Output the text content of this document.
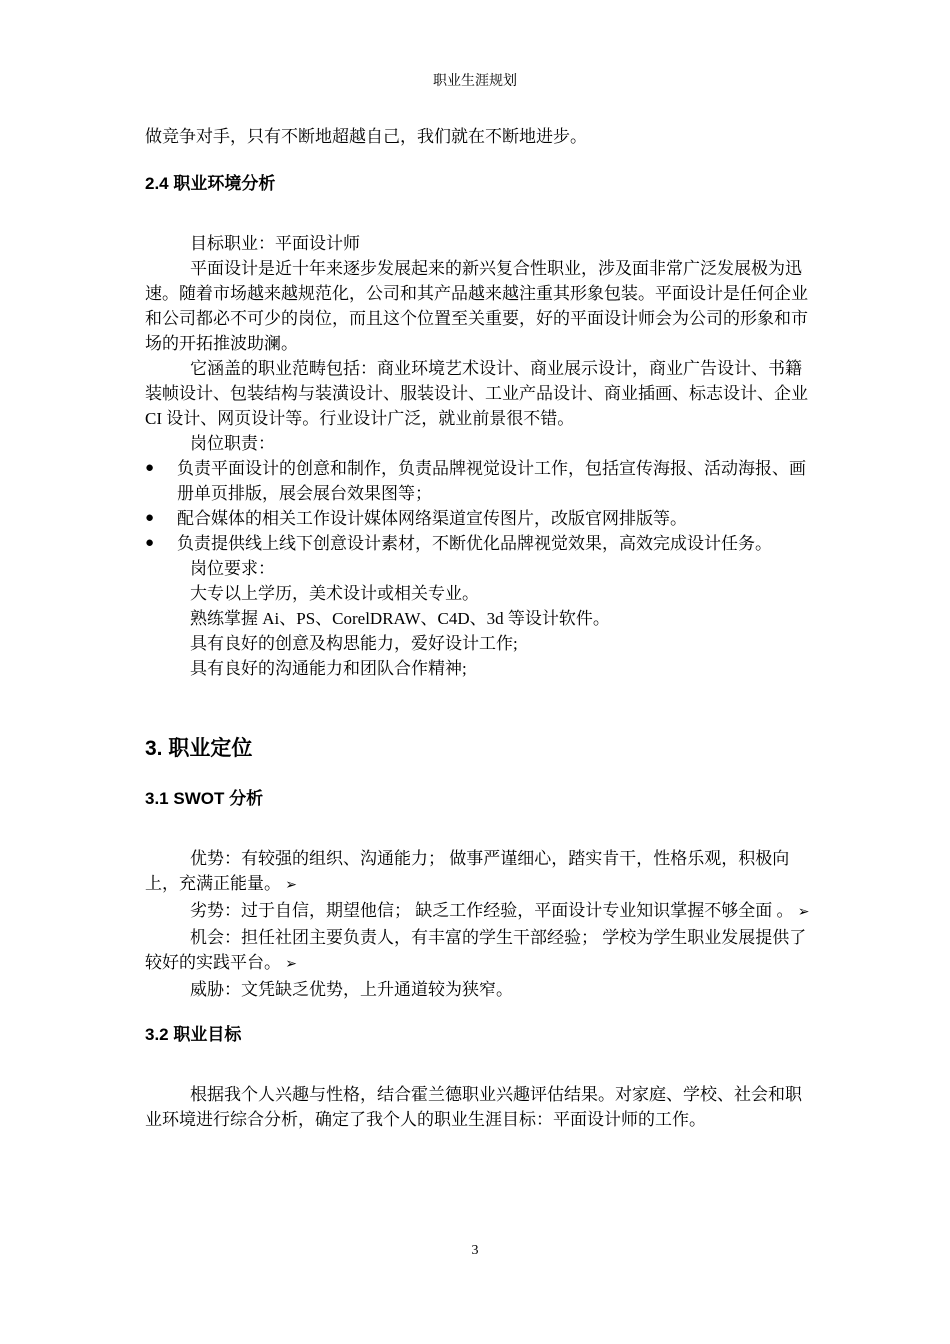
职业生涯规划

做竞争对手，只有不断地超越自己，我们就在不断地进步。

2.4 职业环境分析

目标职业：平面设计师

平面设计是近十年来逐步发展起来的新兴复合性职业，涉及面非常广泛发展极为迅速。随着市场越来越规范化，公司和其产品越来越注重其形象包装。平面设计是任何企业和公司都必不可少的岗位，而且这个位置至关重要，好的平面设计师会为公司的形象和市场的开拓推波助澜。

它涵盖的职业范畴包括：商业环境艺术设计、商业展示设计，商业广告设计、书籍装帧设计、包装结构与装潢设计、服装设计、工业产品设计、商业插画、标志设计、企业 CI 设计、网页设计等。行业设计广泛，就业前景很不错。

岗位职责：

● 负责平面设计的创意和制作，负责品牌视觉设计工作，包括宣传海报、活动海报、画册单页排版，展会展台效果图等；
● 配合媒体的相关工作设计媒体网络渠道宣传图片，改版官网排版等。
● 负责提供线上线下创意设计素材，不断优化品牌视觉效果，高效完成设计任务。

岗位要求：

大专以上学历，美术设计或相关专业。

熟练掌握 Ai、PS、CorelDRAW、C4D、3d 等设计软件。

具有良好的创意及构思能力，爱好设计工作;

具有良好的沟通能力和团队合作精神;

3. 职业定位
3.1 SWOT 分析

优势：有较强的组织、沟通能力； 做事严谨细心，踏实肯干，性格乐观，积极向上，充满正能量。 ➢

劣势：过于自信，期望他信； 缺乏工作经验，平面设计专业知识掌握不够全面 。 ➢

机会：担任社团主要负责人，有丰富的学生干部经验； 学校为学生职业发展提供了较好的实践平台。 ➢

威胁：文凭缺乏优势，上升通道较为狭窄。

3.2 职业目标

根据我个人兴趣与性格，结合霍兰德职业兴趣评估结果。对家庭、学校、社会和职业环境进行综合分析，确定了我个人的职业生涯目标：平面设计师的工作。

3
